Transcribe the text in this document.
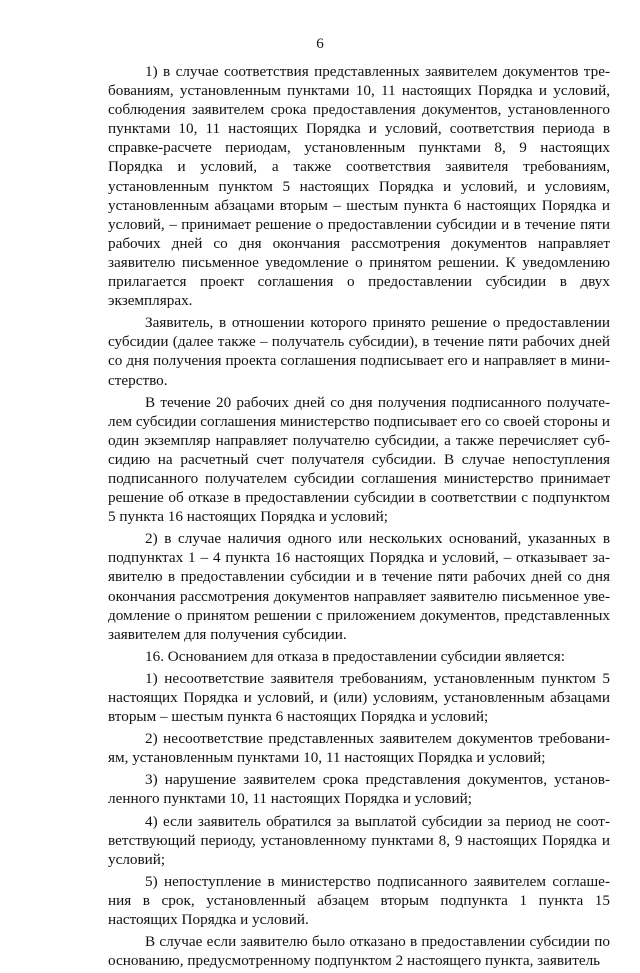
6

1) в случае соответствия представленных заявителем документов требованиям, установленным пунктами 10, 11 настоящих Порядка и условий, соблюдения заявителем срока предоставления документов, установленного пунктами 10, 11 настоящих Порядка и условий, соответствия периода в справке-расчете периодам, установленным пунктами 8, 9 настоящих Порядка и условий, а также соответствия заявителя требованиям, установленным пунктом 5 настоящих Порядка и условий, и условиям, установленным абзацами вторым – шестым пункта 6 настоящих Порядка и условий, – принимает решение о предоставлении субсидии и в течение пяти рабочих дней со дня окончания рассмотрения документов направляет заявителю письменное уведомление о принятом решении. К уведомлению прилагается проект соглашения о предоставлении субсидии в двух экземплярах.

Заявитель, в отношении которого принято решение о предоставлении субсидии (далее также – получатель субсидии), в течение пяти рабочих дней со дня получения проекта соглашения подписывает его и направляет в министерство.

В течение 20 рабочих дней со дня получения подписанного получателем субсидии соглашения министерство подписывает его со своей стороны и один экземпляр направляет получателю субсидии, а также перечисляет субсидию на расчетный счет получателя субсидии. В случае непоступления подписанного получателем субсидии соглашения министерство принимает решение об отказе в предоставлении субсидии в соответствии с подпунктом 5 пункта 16 настоящих Порядка и условий;

2) в случае наличия одного или нескольких оснований, указанных в подпунктах 1 – 4 пункта 16 настоящих Порядка и условий, – отказывает заявителю в предоставлении субсидии и в течение пяти рабочих дней со дня окончания рассмотрения документов направляет заявителю письменное уведомление о принятом решении с приложением документов, представленных заявителем для получения субсидии.

16. Основанием для отказа в предоставлении субсидии является:

1) несоответствие заявителя требованиям, установленным пунктом 5 настоящих Порядка и условий, и (или) условиям, установленным абзацами вторым – шестым пункта 6 настоящих Порядка и условий;

2) несоответствие представленных заявителем документов требованиям, установленным пунктами 10, 11 настоящих Порядка и условий;

3) нарушение заявителем срока представления документов, установленного пунктами 10, 11 настоящих Порядка и условий;

4) если заявитель обратился за выплатой субсидии за период не соответствующий периоду, установленному пунктами 8, 9 настоящих Порядка и условий;

5) непоступление в министерство подписанного заявителем соглашения в срок, установленный абзацем вторым подпункта 1 пункта 15 настоящих Порядка и условий.

В случае если заявителю было отказано в предоставлении субсидии по основанию, предусмотренному подпунктом 2 настоящего пункта, заявитель
